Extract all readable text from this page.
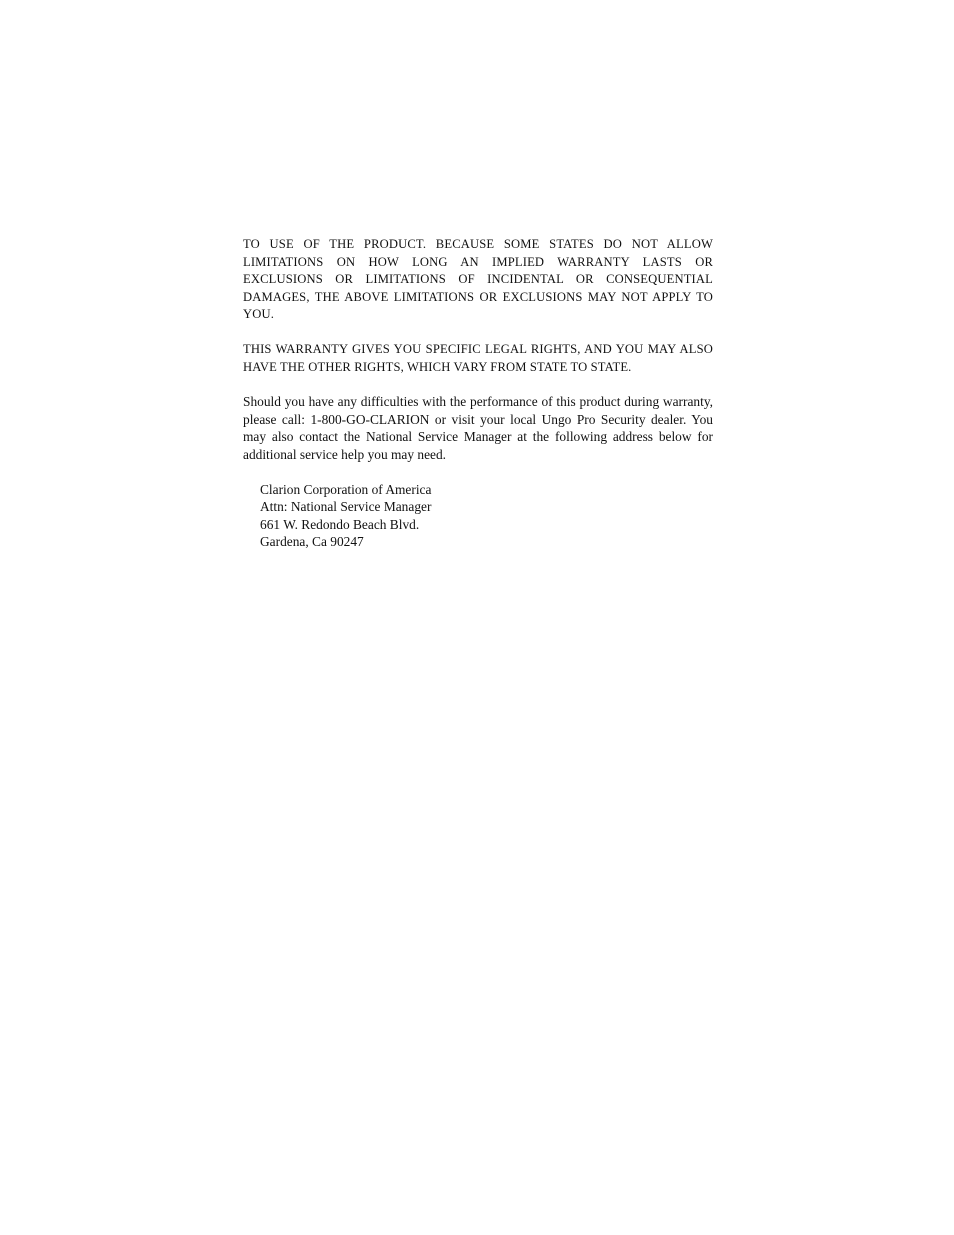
TO USE OF THE PRODUCT. BECAUSE SOME STATES DO NOT ALLOW LIMITATIONS ON HOW LONG AN IMPLIED WARRANTY LASTS OR EXCLUSIONS OR LIMITATIONS OF INCIDENTAL OR CONSEQUENTIAL DAMAGES, THE ABOVE LIMITATIONS OR EXCLUSIONS MAY NOT APPLY TO YOU.

THIS WARRANTY GIVES YOU SPECIFIC LEGAL RIGHTS, AND YOU MAY ALSO HAVE THE OTHER RIGHTS, WHICH VARY FROM STATE TO STATE.

Should you have any difficulties with the performance of this product during warranty, please call: 1-800-GO-CLARION or visit your local Ungo Pro Security dealer. You may also contact the National Service Manager at the following address below for additional service help you may need.

Clarion Corporation of America
Attn: National Service Manager
661 W. Redondo Beach Blvd.
Gardena, Ca 90247
